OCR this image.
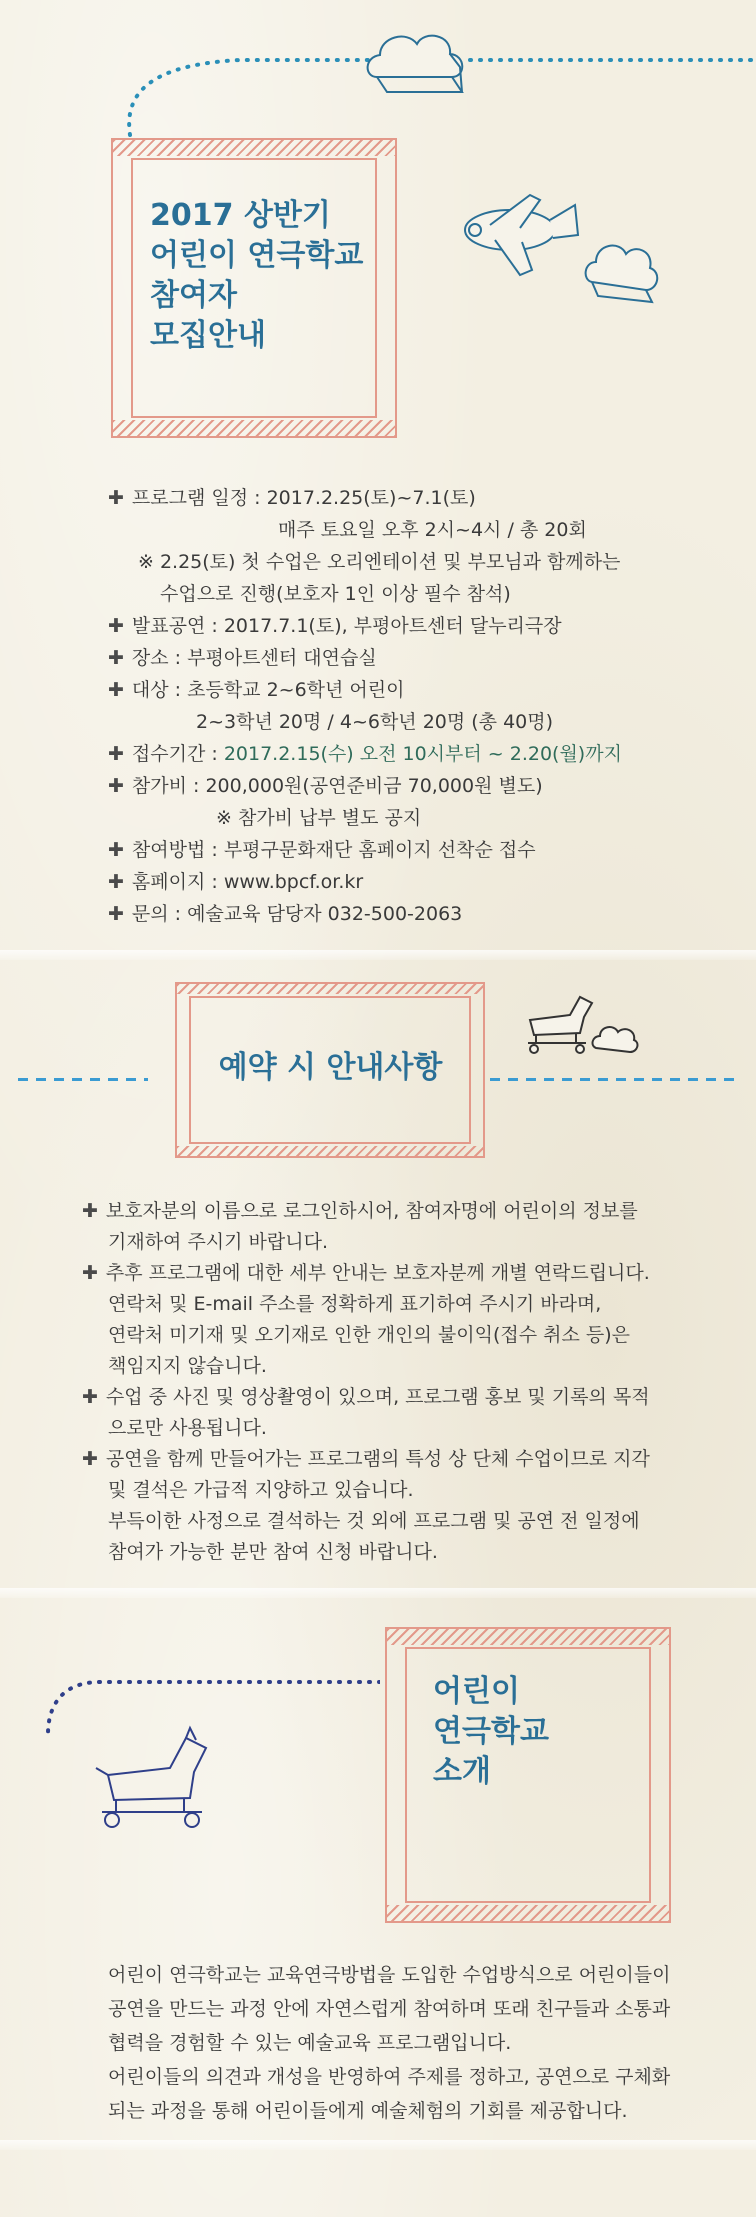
2017 상반기
어린이 연극학교
참여자
모집안내
✚ 프로그램 일정 : 2017.2.25(토)~7.1(토)
매주 토요일 오후 2시~4시 / 총 20회
※ 2.25(토) 첫 수업은 오리엔테이션 및 부모님과 함께하는
수업으로 진행(보호자 1인 이상 필수 참석)
✚ 발표공연 : 2017.7.1(토), 부평아트센터 달누리극장
✚ 장소 : 부평아트센터 대연습실
✚ 대상 : 초등학교 2~6학년 어린이
2~3학년 20명 / 4~6학년 20명 (총 40명)
✚ 접수기간 : 2017.2.15(수) 오전 10시부터 ~ 2.20(월)까지
✚ 참가비 : 200,000원(공연준비금 70,000원 별도)
※ 참가비 납부 별도 공지
✚ 참여방법 : 부평구문화재단 홈페이지 선착순 접수
✚ 홈페이지 : www.bpcf.or.kr
✚ 문의 : 예술교육 담당자 032-500-2063
예약 시 안내사항
✚ 보호자분의 이름으로 로그인하시어, 참여자명에 어린이의 정보를
기재하여 주시기 바랍니다.
✚ 추후 프로그램에 대한 세부 안내는 보호자분께 개별 연락드립니다.
연락처 및 E-mail 주소를 정확하게 표기하여 주시기 바라며,
연락처 미기재 및 오기재로 인한 개인의 불이익(접수 취소 등)은
책임지지 않습니다.
✚ 수업 중 사진 및 영상촬영이 있으며, 프로그램 홍보 및 기록의 목적
으로만 사용됩니다.
✚ 공연을 함께 만들어가는 프로그램의 특성 상 단체 수업이므로 지각
및 결석은 가급적 지양하고 있습니다.
부득이한 사정으로 결석하는 것 외에 프로그램 및 공연 전 일정에
참여가 가능한 분만 참여 신청 바랍니다.
어린이
연극학교
소개
어린이 연극학교는 교육연극방법을 도입한 수업방식으로 어린이들이
공연을 만드는 과정 안에 자연스럽게 참여하며 또래 친구들과 소통과
협력을 경험할 수 있는 예술교육 프로그램입니다.
어린이들의 의견과 개성을 반영하여 주제를 정하고, 공연으로 구체화
되는 과정을 통해 어린이들에게 예술체험의 기회를 제공합니다.
